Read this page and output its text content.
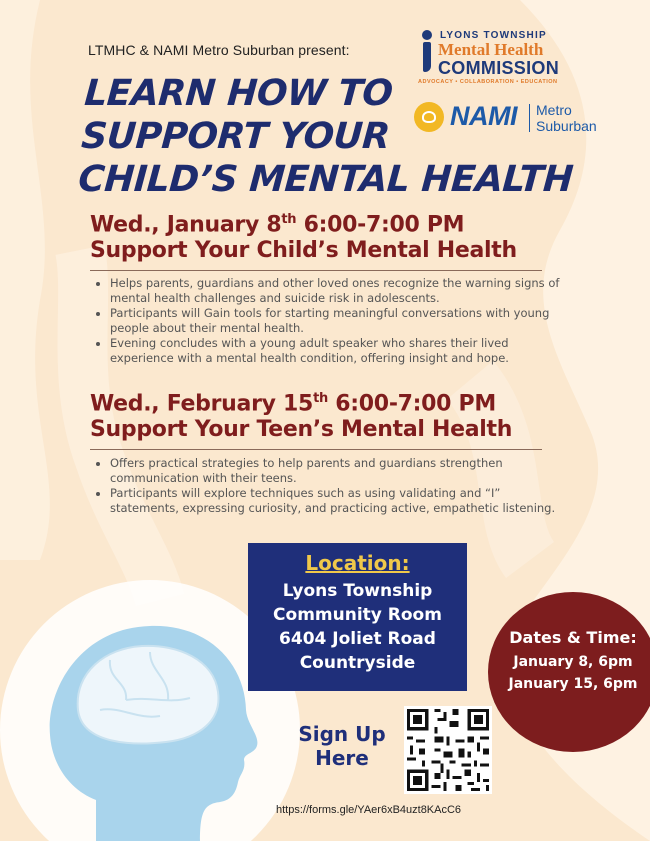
LTMHC & NAMI Metro Suburban present:
LEARN HOW TO
SUPPORT YOUR
CHILD’S MENTAL HEALTH
LYONS TOWNSHIP
Mental Health
COMMISSION
ADVOCACY • COLLABORATION • EDUCATION
NAMI Metro
Suburban
Wed., January 8th 6:00-7:00 PM
Support Your Child’s Mental Health
• Helps parents, guardians and other loved ones recognize the warning signs of mental health challenges and suicide risk in adolescents.
• Participants will Gain tools for starting meaningful conversations with young people about their mental health.
• Evening concludes with a young adult speaker who shares their lived experience with a mental health condition, offering insight and hope.
Wed., February 15th 6:00-7:00 PM
Support Your Teen’s Mental Health
• Offers practical strategies to help parents and guardians strengthen communication with their teens.
• Participants will explore techniques such as using validating and “I” statements, expressing curiosity, and practicing active, empathetic listening.
Location:
Lyons Township
Community Room
6404 Joliet Road
Countryside
Dates & Time:
January 8, 6pm
January 15, 6pm
Sign Up
Here
https://forms.gle/YAer6xB4uzt8KAcC6
